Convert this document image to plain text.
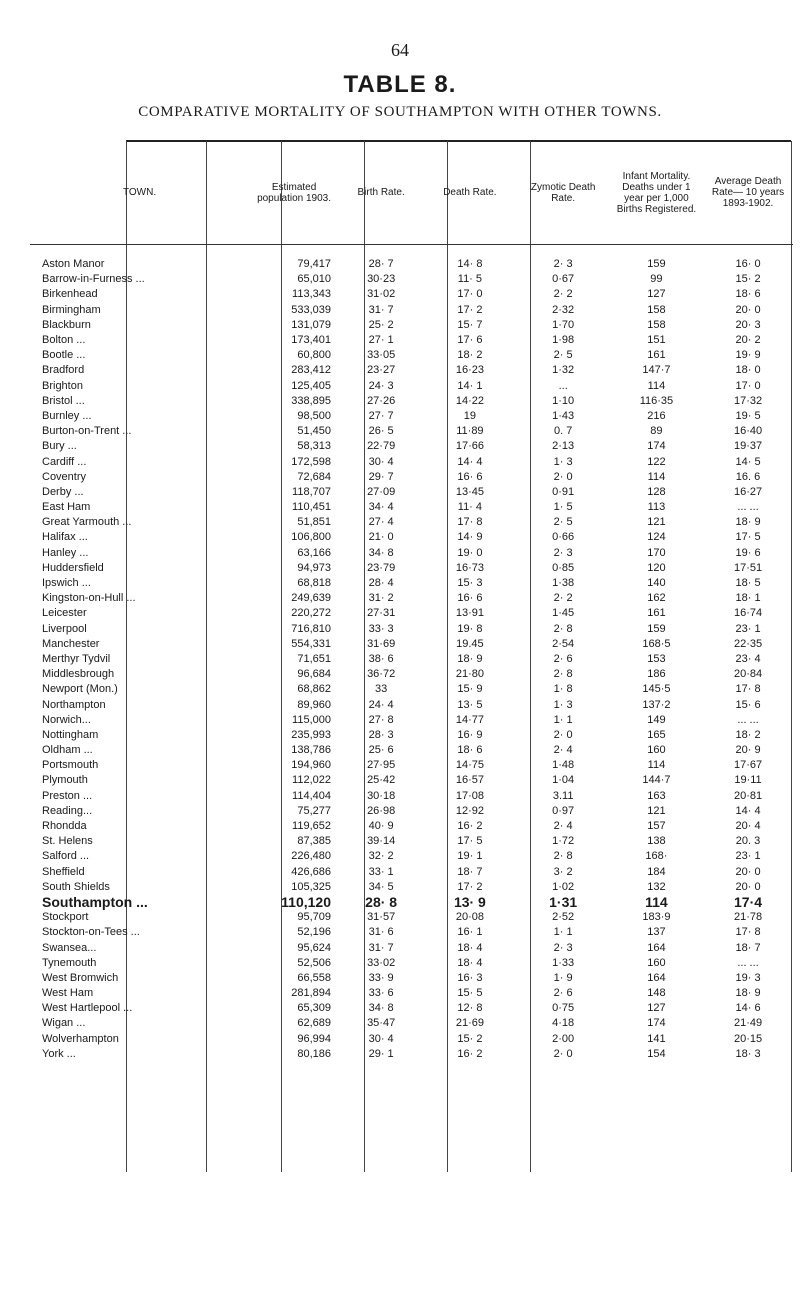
64
TABLE 8.
COMPARATIVE MORTALITY OF SOUTHAMPTON WITH OTHER TOWNS.
TOWN.	Estimated population 1903.	Birth Rate.	Death Rate.	Zymotic Death Rate.	Infant Mortality. Deaths under 1 year per 1,000 Births Registered.	Average Death Rate— 10 years 1893-1902.
Aston Manor	79,417	28· 7	14· 8	2· 3	159	16· 0
Barrow-in-Furness ...	65,010	30·23	11· 5	0·67	99	15· 2
Birkenhead	113,343	31·02	17· 0	2· 2	127	18· 6
Birmingham	533,039	31· 7	17· 2	2·32	158	20· 0
Blackburn	131,079	25· 2	15· 7	1·70	158	20· 3
Bolton ...	173,401	27· 1	17· 6	1·98	151	20· 2
Bootle ...	60,800	33·05	18· 2	2· 5	161	19· 9
Bradford	283,412	23·27	16·23	1·32	147·7	18· 0
Brighton	125,405	24· 3	14· 1	...	114	17· 0
Bristol ...	338,895	27·26	14·22	1·10	116·35	17·32
Burnley ...	98,500	27· 7	19	1·43	216	19· 5
Burton-on-Trent ...	51,450	26· 5	11·89	0. 7	89	16·40
Bury ...	58,313	22·79	17·66	2·13	174	19·37
Cardiff ...	172,598	30· 4	14· 4	1· 3	122	14· 5
Coventry	72,684	29· 7	16· 6	2· 0	114	16. 6
Derby ...	118,707	27·09	13·45	0·91	128	16·27
East Ham	110,451	34· 4	11· 4	1· 5	113	... ...
Great Yarmouth ...	51,851	27· 4	17· 8	2· 5	121	18· 9
Halifax ...	106,800	21· 0	14· 9	0·66	124	17· 5
Hanley ...	63,166	34· 8	19· 0	2· 3	170	19· 6
Huddersfield	94,973	23·79	16·73	0·85	120	17·51
Ipswich ...	68,818	28· 4	15· 3	1·38	140	18· 5
Kingston-on-Hull ...	249,639	31· 2	16· 6	2· 2	162	18· 1
Leicester	220,272	27·31	13·91	1·45	161	16·74
Liverpool	716,810	33· 3	19· 8	2· 8	159	23· 1
Manchester	554,331	31·69	19.45	2·54	168·5	22·35
Merthyr Tydvil	71,651	38· 6	18· 9	2· 6	153	23· 4
Middlesbrough	96,684	36·72	21·80	2· 8	186	20·84
Newport (Mon.)	68,862	33	15· 9	1· 8	145·5	17· 8
Northampton	89,960	24· 4	13· 5	1· 3	137·2	15· 6
Norwich...	115,000	27· 8	14·77	1· 1	149	... ...
Nottingham	235,993	28· 3	16· 9	2· 0	165	18· 2
Oldham ...	138,786	25· 6	18· 6	2· 4	160	20· 9
Portsmouth	194,960	27·95	14·75	1·48	114	17·67
Plymouth	112,022	25·42	16·57	1·04	144·7	19·11
Preston ...	114,404	30·18	17·08	3.11	163	20·81
Reading...	75,277	26·98	12·92	0·97	121	14· 4
Rhondda	119,652	40· 9	16· 2	2· 4	157	20· 4
St. Helens	87,385	39·14	17· 5	1·72	138	20. 3
Salford ...	226,480	32· 2	19· 1	2· 8	168·	23· 1
Sheffield	426,686	33· 1	18· 7	3· 2	184	20· 0
South Shields	105,325	34· 5	17· 2	1·02	132	20· 0
Southampton ...	110,120	28· 8	13· 9	1·31	114	17·4
Stockport	95,709	31·57	20·08	2·52	183·9	21·78
Stockton-on-Tees ...	52,196	31· 6	16· 1	1· 1	137	17· 8
Swansea...	95,624	31· 7	18· 4	2· 3	164	18· 7
Tynemouth	52,506	33·02	18· 4	1·33	160	... ...
West Bromwich	66,558	33· 9	16· 3	1· 9	164	19· 3
West Ham	281,894	33· 6	15· 5	2· 6	148	18· 9
West Hartlepool ...	65,309	34· 8	12· 8	0·75	127	14· 6
Wigan ...	62,689	35·47	21·69	4·18	174	21·49
Wolverhampton	96,994	30· 4	15· 2	2·00	141	20·15
York ...	80,186	29· 1	16· 2	2· 0	154	18· 3
